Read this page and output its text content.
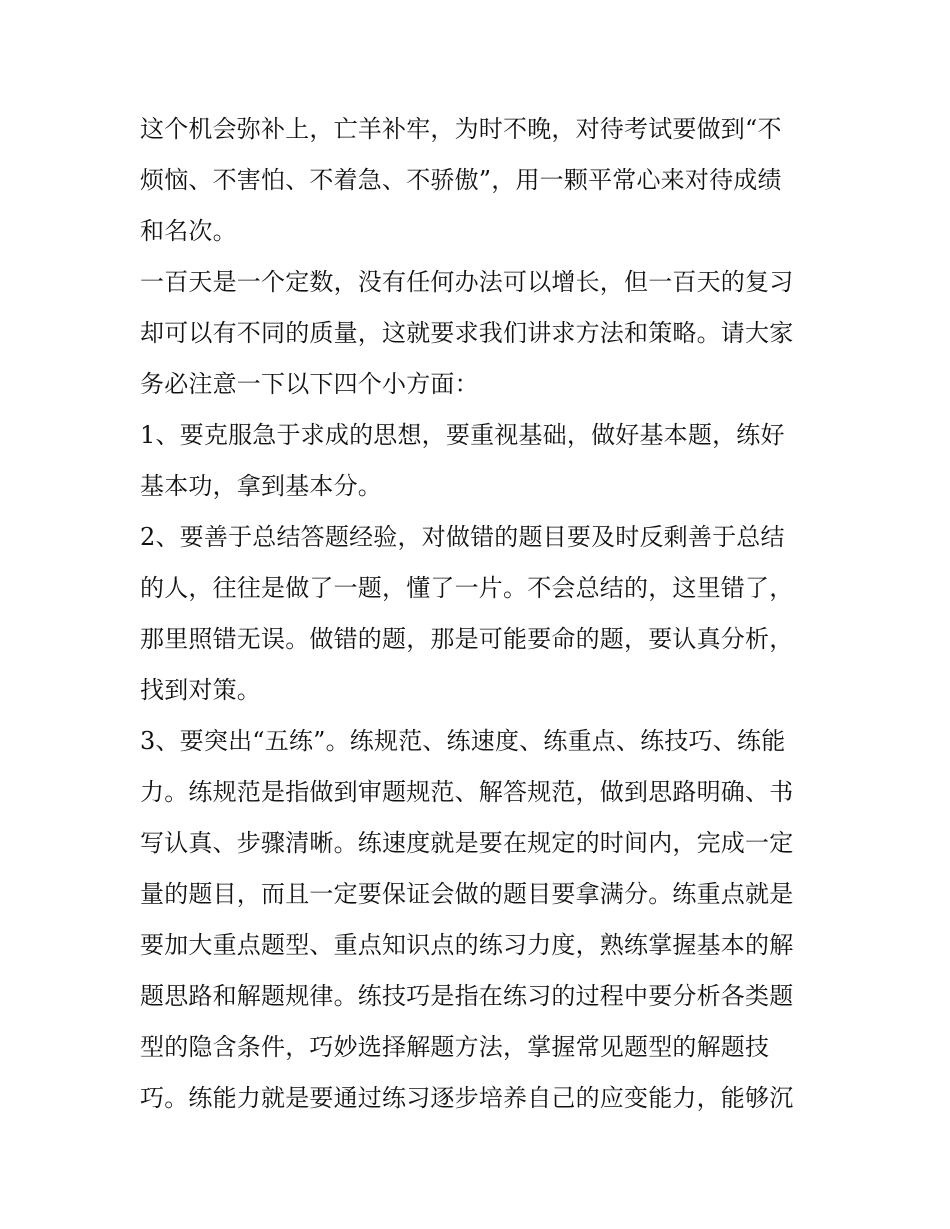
这个机会弥补上，亡羊补牢，为时不晚，对待考试要做到“不
烦恼、不害怕、不着急、不骄傲”，用一颗平常心来对待成绩
和名次。
一百天是一个定数，没有任何办法可以增长，但一百天的复习
却可以有不同的质量，这就要求我们讲求方法和策略。请大家
务必注意一下以下四个小方面：
1、要克服急于求成的思想，要重视基础，做好基本题，练好
基本功，拿到基本分。
2、要善于总结答题经验，对做错的题目要及时反剩善于总结
的人，往往是做了一题，懂了一片。不会总结的，这里错了，
那里照错无误。做错的题，那是可能要命的题，要认真分析，
找到对策。
3、要突出“五练”。练规范、练速度、练重点、练技巧、练能
力。练规范是指做到审题规范、解答规范，做到思路明确、书
写认真、步骤清晰。练速度就是要在规定的时间内，完成一定
量的题目，而且一定要保证会做的题目要拿满分。练重点就是
要加大重点题型、重点知识点的练习力度，熟练掌握基本的解
题思路和解题规律。练技巧是指在练习的过程中要分析各类题
型的隐含条件，巧妙选择解题方法，掌握常见题型的解题技
巧。练能力就是要通过练习逐步培养自己的应变能力，能够沉
